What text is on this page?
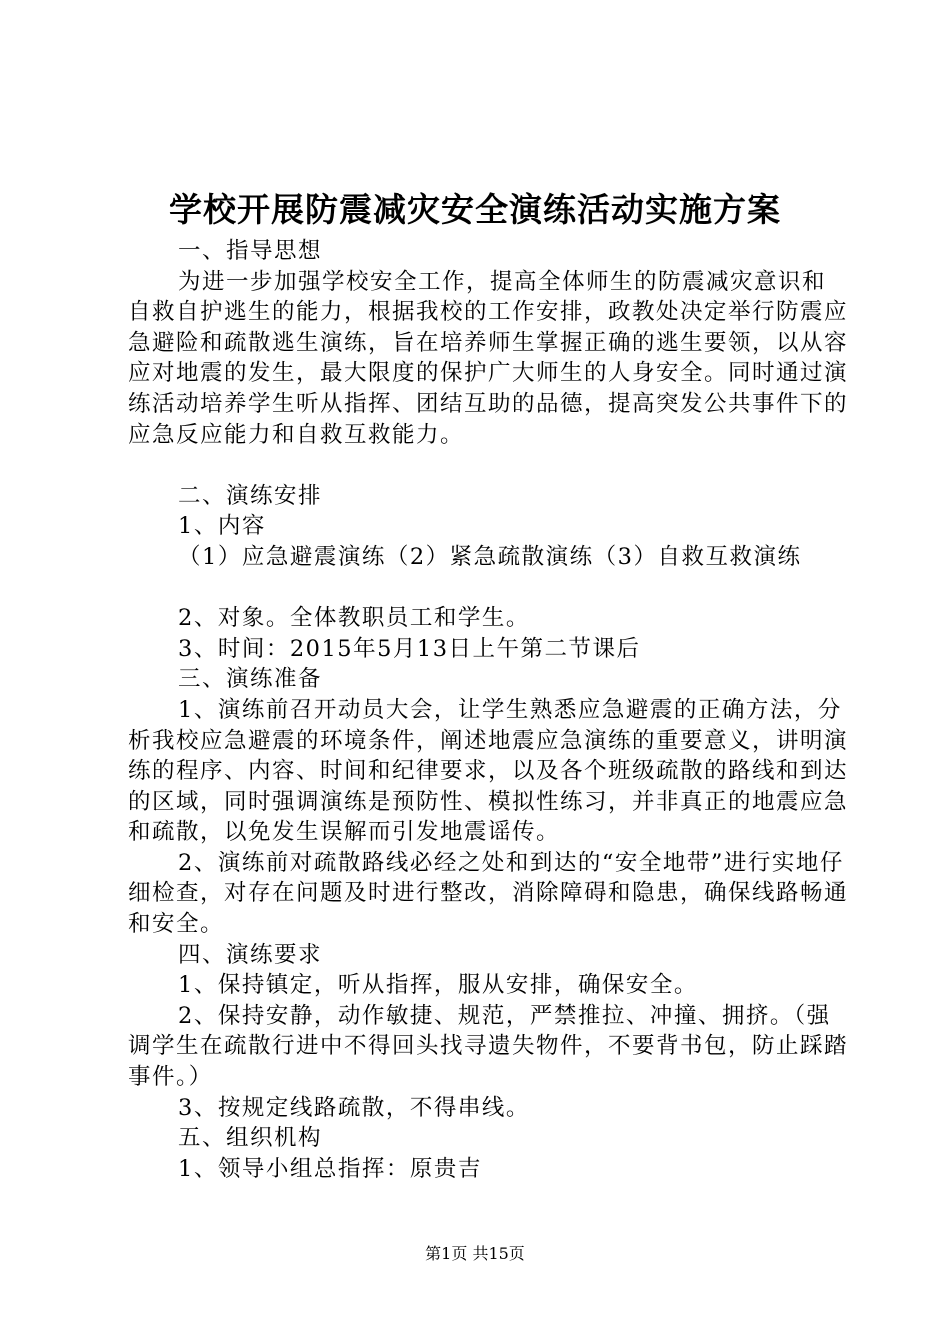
学校开展防震减灾安全演练活动实施方案

一、指导思想

为进一步加强学校安全工作，提高全体师生的防震减灾意识和自救自护逃生的能力，根据我校的工作安排，政教处决定举行防震应急避险和疏散逃生演练，旨在培养师生掌握正确的逃生要领，以从容应对地震的发生，最大限度的保护广大师生的人身安全。同时通过演练活动培养学生听从指挥、团结互助的品德，提高突发公共事件下的应急反应能力和自救互救能力。

二、演练安排

1、内容

（1）应急避震演练（2）紧急疏散演练（3）自救互救演练

2、对象。全体教职员工和学生。

3、时间：2015年5月13日上午第二节课后

三、演练准备

1、演练前召开动员大会，让学生熟悉应急避震的正确方法，分析我校应急避震的环境条件，阐述地震应急演练的重要意义，讲明演练的程序、内容、时间和纪律要求，以及各个班级疏散的路线和到达的区域，同时强调演练是预防性、模拟性练习，并非真正的地震应急和疏散，以免发生误解而引发地震谣传。

2、演练前对疏散路线必经之处和到达的“安全地带”进行实地仔细检查，对存在问题及时进行整改，消除障碍和隐患，确保线路畅通和安全。

四、演练要求

1、保持镇定，听从指挥，服从安排，确保安全。

2、保持安静，动作敏捷、规范，严禁推拉、冲撞、拥挤。（强调学生在疏散行进中不得回头找寻遗失物件，不要背书包，防止踩踏事件。）

3、按规定线路疏散，不得串线。

五、组织机构

1、领导小组总指挥：原贵吉

第1页 共15页
